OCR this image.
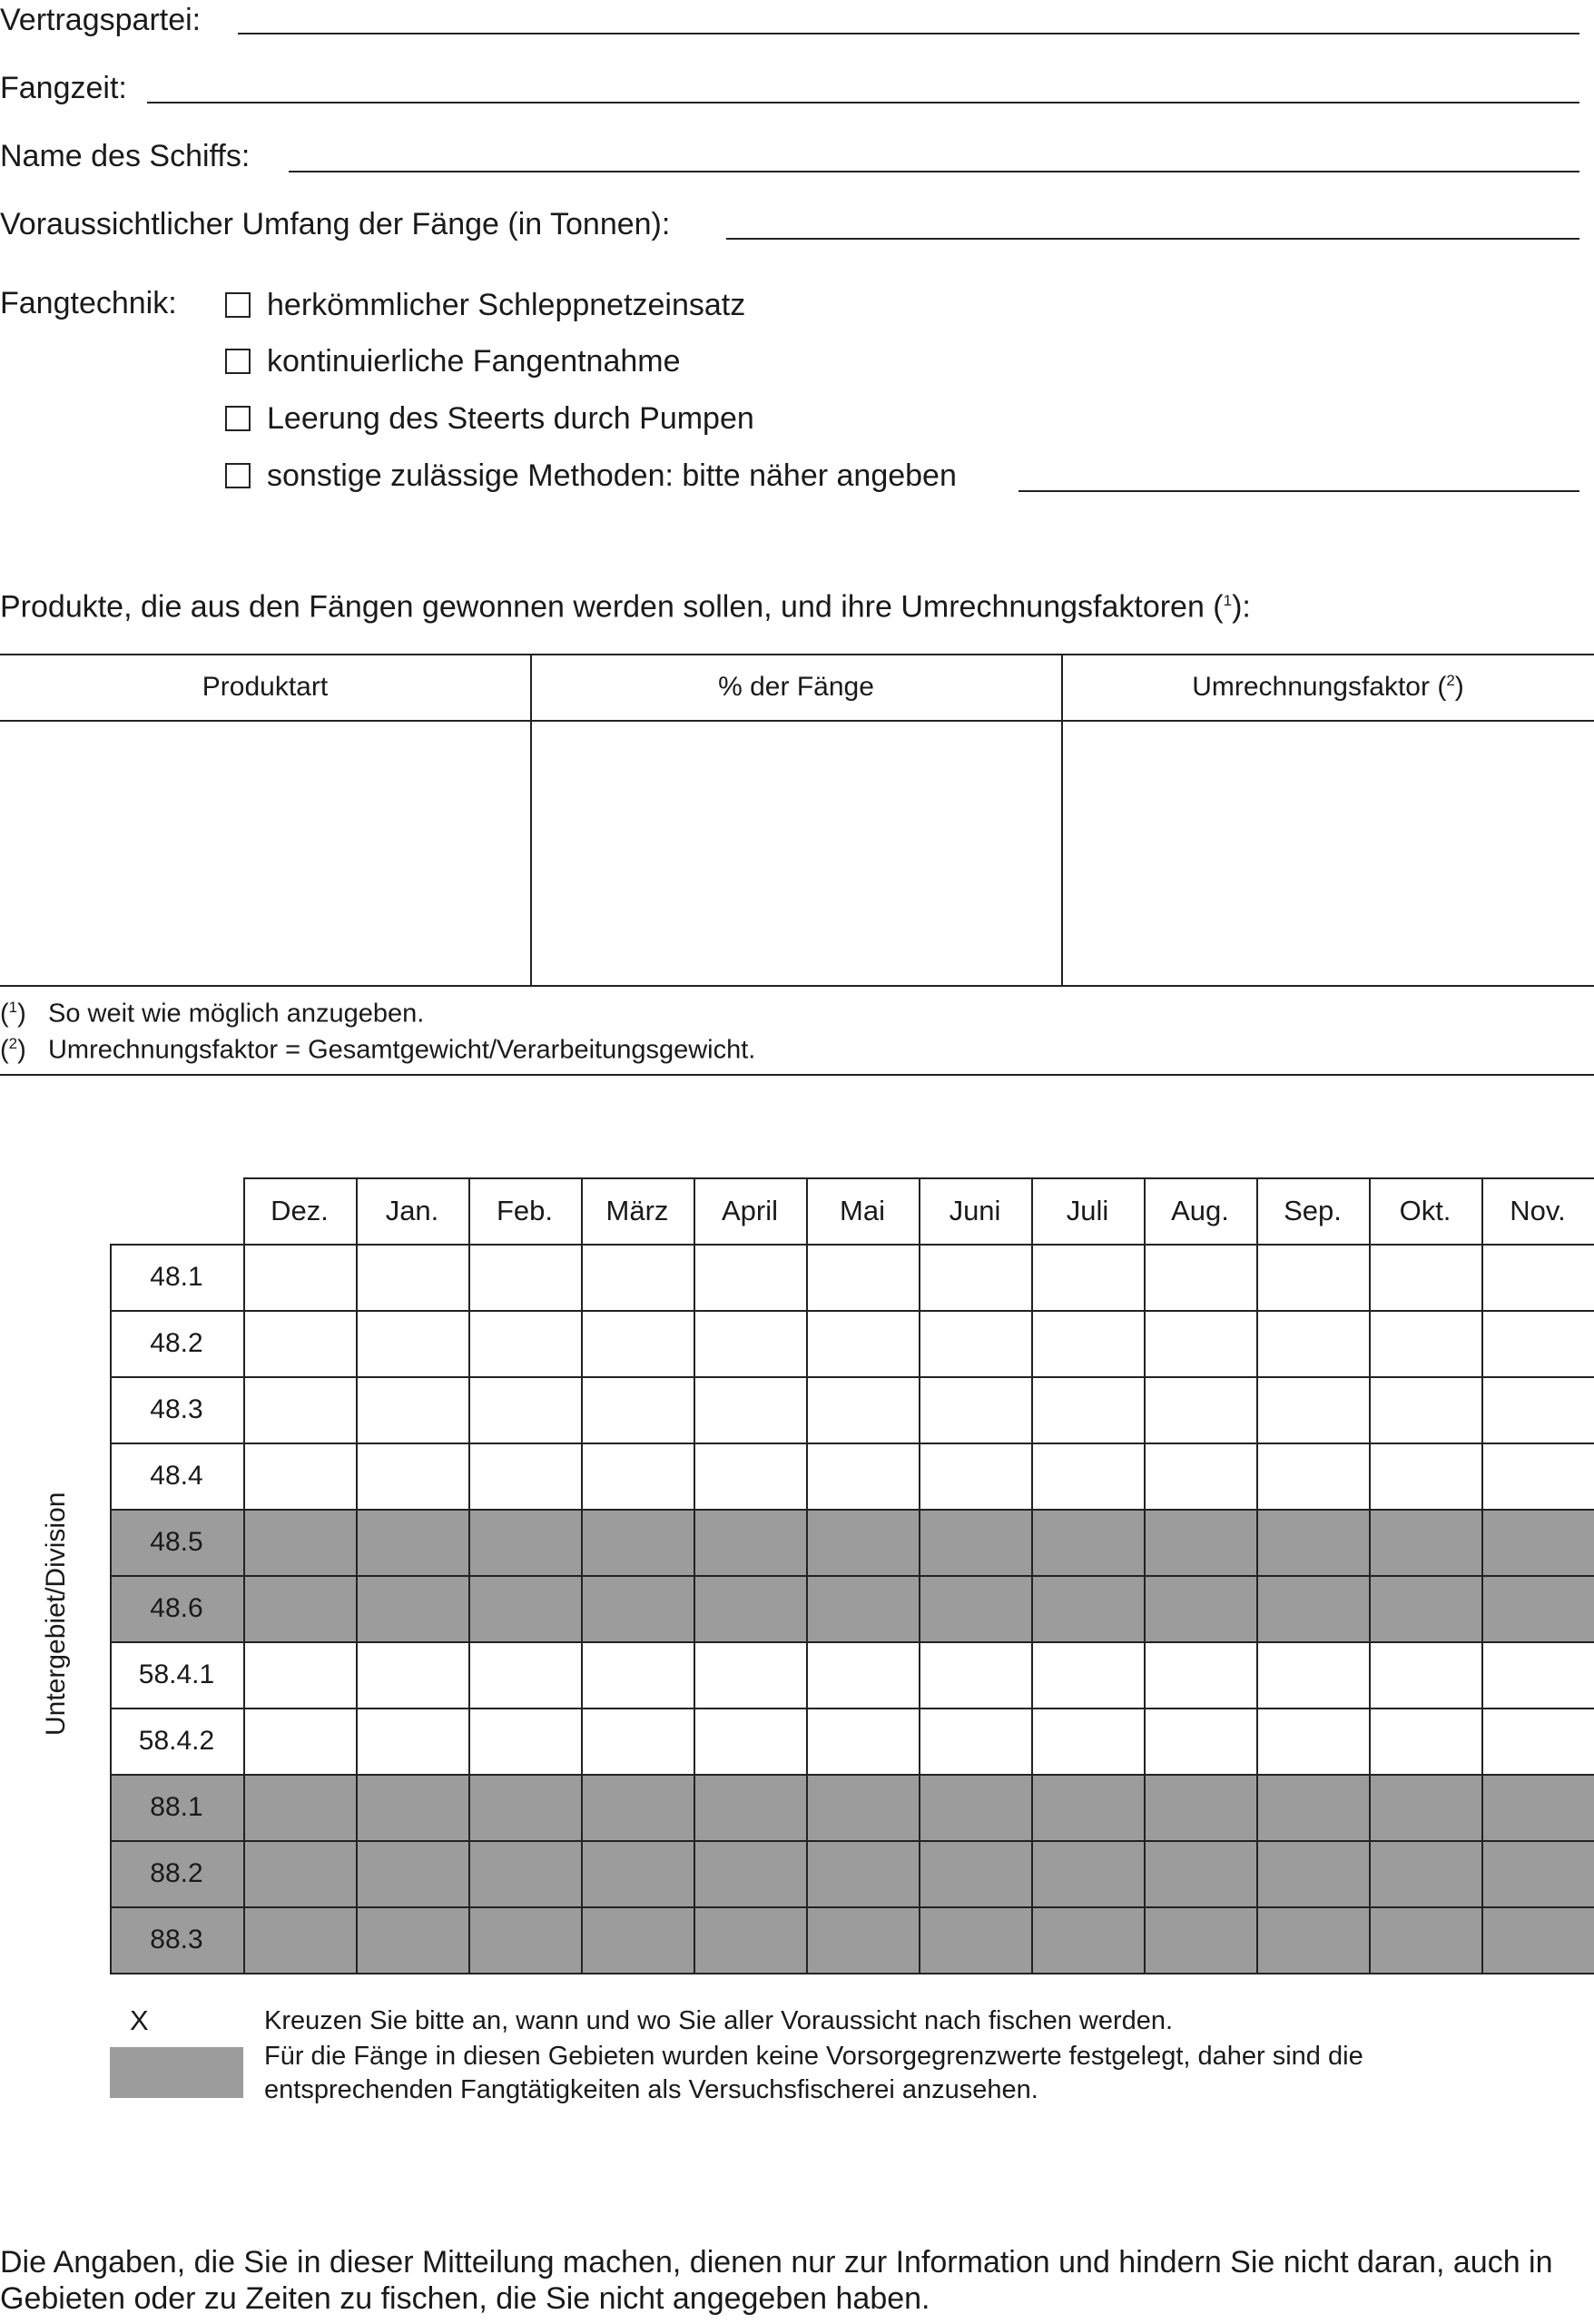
Vertragspartei:
Fangzeit:
Name des Schiffs:
Voraussichtlicher Umfang der Fänge (in Tonnen):
Fangtechnik:	herkömmlicher Schleppnetzeinsatz
kontinuierliche Fangentnahme
Leerung des Steerts durch Pumpen
sonstige zulässige Methoden: bitte näher angeben
Produkte, die aus den Fängen gewonnen werden sollen, und ihre Umrechnungsfaktoren ($^1$):
Produktart	% der Fänge	Umrechnungsfaktor ($^2$)
($^1$)   So weit wie möglich anzugeben.
($^2$)   Umrechnungsfaktor = Gesamtgewicht/Verarbeitungsgewicht.
Dez.	Jan.	Feb.	März	April	Mai	Juni	Juli	Aug.	Sep.	Okt.	Nov.
48.1
48.2
48.3
48.4
48.5
48.6
58.4.1
58.4.2
88.1
88.2
88.3
Untergebiet/Division
X	Kreuzen Sie bitte an, wann und wo Sie aller Voraussicht nach fischen werden.
Für die Fänge in diesen Gebieten wurden keine Vorsorgegrenzwerte festgelegt, daher sind die entsprechenden Fangtätigkeiten als Versuchsfischerei anzusehen.
Die Angaben, die Sie in dieser Mitteilung machen, dienen nur zur Information und hindern Sie nicht daran, auch in Gebieten oder zu Zeiten zu fischen, die Sie nicht angegeben haben.
